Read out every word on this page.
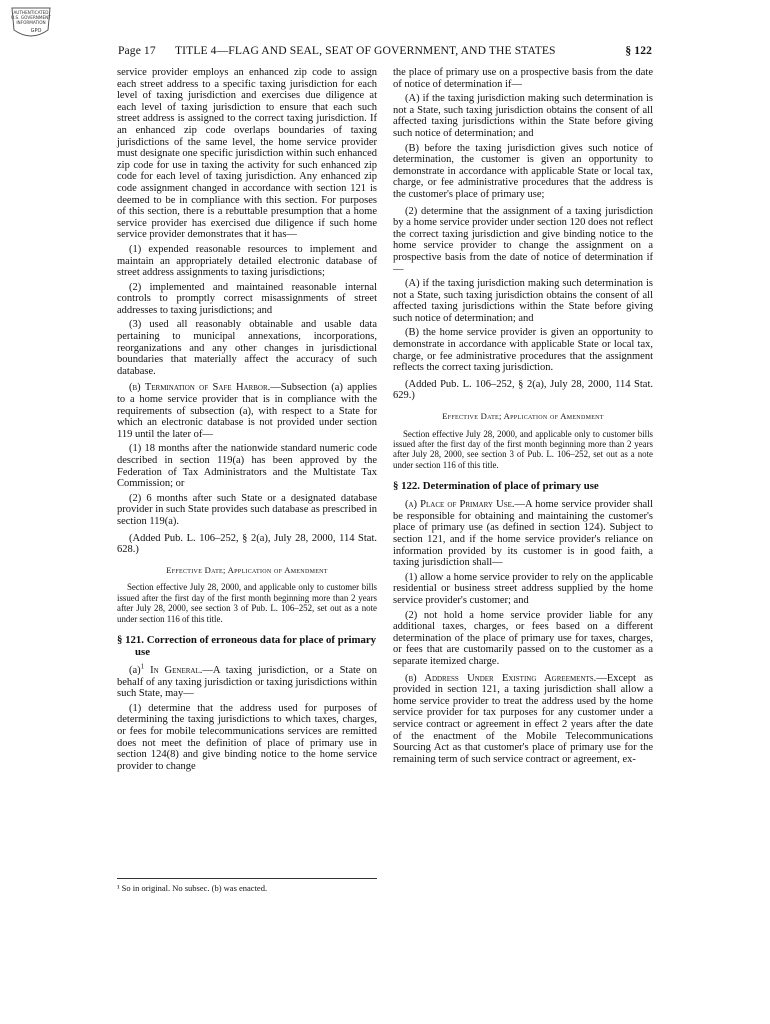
AUTHENTICATED
U.S. GOVERNMENT
INFORMATION
GPO
Page 17 TITLE 4—FLAG AND SEAL, SEAT OF GOVERNMENT, AND THE STATES	§ 122

service provider employs an enhanced zip code to assign each street address to a specific taxing jurisdiction for each level of taxing jurisdiction and exercises due diligence at each level of taxing jurisdiction to ensure that each such street address is assigned to the correct taxing jurisdiction. If an enhanced zip code overlaps boundaries of taxing jurisdictions of the same level, the home service provider must designate one specific jurisdiction within such enhanced zip code for use in taxing the activity for such enhanced zip code for each level of taxing jurisdiction. Any enhanced zip code assignment changed in accordance with section 121 is deemed to be in compliance with this section. For purposes of this section, there is a rebuttable presumption that a home service provider has exercised due diligence if such home service provider demonstrates that it has—

(1) expended reasonable resources to implement and maintain an appropriately detailed electronic database of street address assignments to taxing jurisdictions;

(2) implemented and maintained reasonable internal controls to promptly correct misassignments of street addresses to taxing jurisdictions; and

(3) used all reasonably obtainable and usable data pertaining to municipal annexations, incorporations, reorganizations and any other changes in jurisdictional boundaries that materially affect the accuracy of such database.

(b) Termination of Safe Harbor.—Subsection (a) applies to a home service provider that is in compliance with the requirements of subsection (a), with respect to a State for which an electronic database is not provided under section 119 until the later of—

(1) 18 months after the nationwide standard numeric code described in section 119(a) has been approved by the Federation of Tax Administrators and the Multistate Tax Commission; or

(2) 6 months after such State or a designated database provider in such State provides such database as prescribed in section 119(a).

(Added Pub. L. 106–252, § 2(a), July 28, 2000, 114 Stat. 628.)

Effective Date; Application of Amendment

Section effective July 28, 2000, and applicable only to customer bills issued after the first day of the first month beginning more than 2 years after July 28, 2000, see section 3 of Pub. L. 106–252, set out as a note under section 116 of this title.

§ 121. Correction of erroneous data for place of primary use

$(a)^1$ In General.—A taxing jurisdiction, or a State on behalf of any taxing jurisdiction or taxing jurisdictions within such State, may—

(1) determine that the address used for purposes of determining the taxing jurisdictions to which taxes, charges, or fees for mobile telecommunications services are remitted does not meet the definition of place of primary use in section 124(8) and give binding notice to the home service provider to change

¹ So in original. No subsec. (b) was enacted.

the place of primary use on a prospective basis from the date of notice of determination if—

(A) if the taxing jurisdiction making such determination is not a State, such taxing jurisdiction obtains the consent of all affected taxing jurisdictions within the State before giving such notice of determination; and

(B) before the taxing jurisdiction gives such notice of determination, the customer is given an opportunity to demonstrate in accordance with applicable State or local tax, charge, or fee administrative procedures that the address is the customer's place of primary use;

(2) determine that the assignment of a taxing jurisdiction by a home service provider under section 120 does not reflect the correct taxing jurisdiction and give binding notice to the home service provider to change the assignment on a prospective basis from the date of notice of determination if—

(A) if the taxing jurisdiction making such determination is not a State, such taxing jurisdiction obtains the consent of all affected taxing jurisdictions within the State before giving such notice of determination; and

(B) the home service provider is given an opportunity to demonstrate in accordance with applicable State or local tax, charge, or fee administrative procedures that the assignment reflects the correct taxing jurisdiction.

(Added Pub. L. 106–252, § 2(a), July 28, 2000, 114 Stat. 629.)

Effective Date; Application of Amendment

Section effective July 28, 2000, and applicable only to customer bills issued after the first day of the first month beginning more than 2 years after July 28, 2000, see section 3 of Pub. L. 106–252, set out as a note under section 116 of this title.

§ 122. Determination of place of primary use

(a) Place of Primary Use.—A home service provider shall be responsible for obtaining and maintaining the customer's place of primary use (as defined in section 124). Subject to section 121, and if the home service provider's reliance on information provided by its customer is in good faith, a taxing jurisdiction shall—

(1) allow a home service provider to rely on the applicable residential or business street address supplied by the home service provider's customer; and

(2) not hold a home service provider liable for any additional taxes, charges, or fees based on a different determination of the place of primary use for taxes, charges, or fees that are customarily passed on to the customer as a separate itemized charge.

(b) Address Under Existing Agreements.—Except as provided in section 121, a taxing jurisdiction shall allow a home service provider to treat the address used by the home service provider for tax purposes for any customer under a service contract or agreement in effect 2 years after the date of the enactment of the Mobile Telecommunications Sourcing Act as that customer's place of primary use for the remaining term of such service contract or agreement, ex-
